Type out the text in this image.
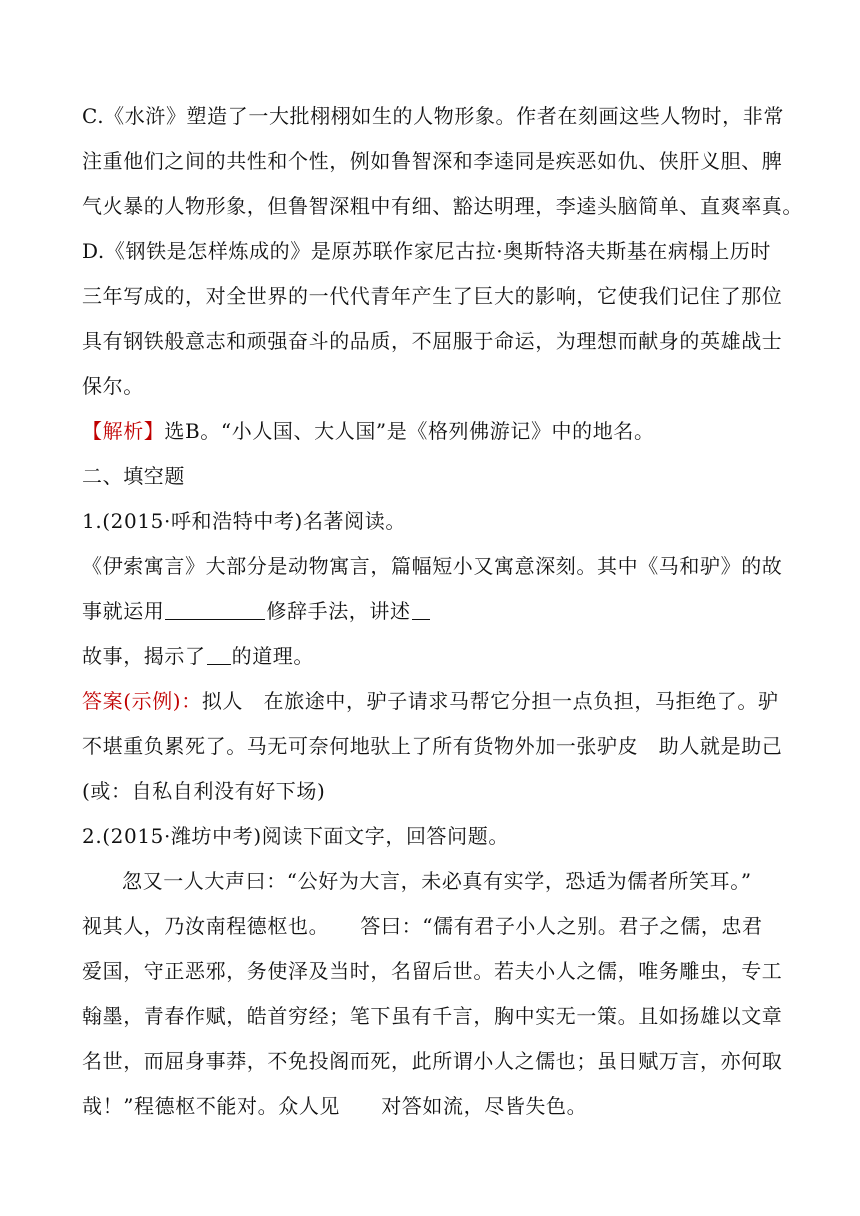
C.《水浒》塑造了一大批栩栩如生的人物形象。作者在刻画这些人物时，非常
注重他们之间的共性和个性，例如鲁智深和李逵同是疾恶如仇、侠肝义胆、脾
气火暴的人物形象，但鲁智深粗中有细、豁达明理，李逵头脑简单、直爽率真。
D.《钢铁是怎样炼成的》是原苏联作家尼古拉·奥斯特洛夫斯基在病榻上历时
三年写成的，对全世界的一代代青年产生了巨大的影响，它使我们记住了那位
具有钢铁般意志和顽强奋斗的品质，不屈服于命运，为理想而献身的英雄战士
保尔。
【解析】选B。“小人国、大人国”是《格列佛游记》中的地名。
二、填空题
1.(2015·呼和浩特中考)名著阅读。
《伊索寓言》大部分是动物寓言，篇幅短小又寓意深刻。其中《马和驴》的故
事就运用	修辞手法，讲述
故事，揭示了 的道理。
答案(示例)：拟人　在旅途中，驴子请求马帮它分担一点负担，马拒绝了。驴
不堪重负累死了。马无可奈何地驮上了所有货物外加一张驴皮　助人就是助己
(或：自私自利没有好下场)
2.(2015·潍坊中考)阅读下面文字，回答问题。
忽又一人大声曰：“公好为大言，未必真有实学，恐适为儒者所笑耳。”
视其人，乃汝南程德枢也。　　答曰：“儒有君子小人之别。君子之儒，忠君
爱国，守正恶邪，务使泽及当时，名留后世。若夫小人之儒，唯务雕虫，专工
翰墨，青春作赋，皓首穷经；笔下虽有千言，胸中实无一策。且如扬雄以文章
名世，而屈身事莽，不免投阁而死，此所谓小人之儒也；虽日赋万言，亦何取
哉！”程德枢不能对。众人见　　对答如流，尽皆失色。
